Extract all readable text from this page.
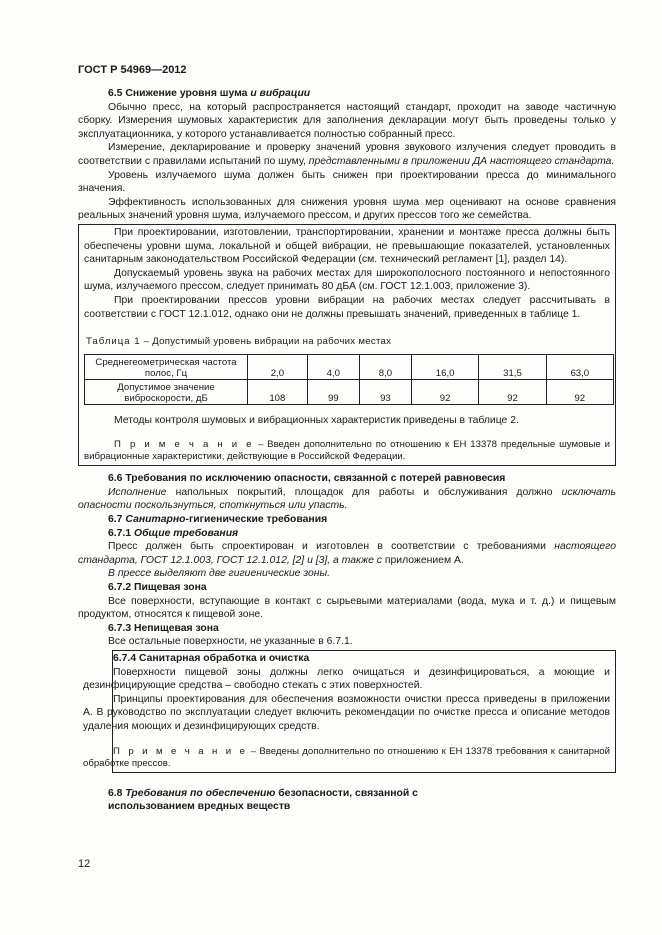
ГОСТ Р 54969—2012

6.5 Снижение уровня шума и вибрации

Обычно пресс, на который распространяется настоящий стандарт, проходит на заводе частичную сборку. Измерения шумовых характеристик для заполнения декларации могут быть проведены только у эксплуатационника, у которого устанавливается полностью собранный пресс.

Измерение, декларирование и проверку значений уровня звукового излучения следует проводить в соответствии с правилами испытаний по шуму, представленными в приложении ДА настоящего стандарта.

Уровень излучаемого шума должен быть снижен при проектировании пресса до минимального значения.

Эффективность использованных для снижения уровня шума мер оценивают на основе сравнения реальных значений уровня шума, излучаемого прессом, и других прессов того же семейства.

При проектировании, изготовлении, транспортировании, хранении и монтаже пресса должны быть обеспечены уровни шума, локальной и общей вибрации, не превышающие показателей, установленных санитарным законодательством Российской Федерации (см. технический регламент [1], раздел 14).

Допускаемый уровень звука на рабочих местах для широкополосного постоянного и непостоянного шума, излучаемого прессом, следует принимать 80 дБА (см. ГОСТ 12.1.003, приложение 3).

При проектировании прессов уровни вибрации на рабочих местах следует рассчитывать в соответствии с ГОСТ 12.1.012, однако они не должны превышать значений, приведенных в таблице 1.

Таблица 1 – Допустимый уровень вибрации на рабочих местах
Среднегеометрическая частота полос, Гц	2,0	4,0	8,0	16,0	31,5	63,0
Допустимое значение виброскорости, дБ	108	99	93	92	92	92

Методы контроля шумовых и вибрационных характеристик приведены в таблице 2.

П р и м е ч а н и е – Введен дополнительно по отношению к ЕН 13378 предельные шумовые и вибрационные характеристики, действующие в Российской Федерации.

6.6 Требования по исключению опасности, связанной с потерей равновесия

Исполнение напольных покрытий, площадок для работы и обслуживания должно исключать опасности поскользнуться, споткнуться или упасть.

6.7 Санитарно-гигиенические требования

6.7.1 Общие требования

Пресс должен быть спроектирован и изготовлен в соответствии с требованиями настоящего стандарта, ГОСТ 12.1.003, ГОСТ 12.1.012, [2] и [3], а также с приложением А.

В прессе выделяют две гигиенические зоны.

6.7.2 Пищевая зона

Все поверхности, вступающие в контакт с сырьевыми материалами (вода, мука и т. д.) и пищевым продуктом, относятся к пищевой зоне.

6.7.3 Непищевая зона

Все остальные поверхности, не указанные в 6.7.1.

6.7.4 Санитарная обработка и очистка

Поверхности пищевой зоны должны легко очищаться и дезинфицироваться, а моющие и дезинфицирующие средства – свободно стекать с этих поверхностей.

Принципы проектирования для обеспечения возможности очистки пресса приведены в приложении А. В руководство по эксплуатации следует включить рекомендации по очистке пресса и описание методов удаления моющих и дезинфицирующих средств.

П р и м е ч а н и е – Введены дополнительно по отношению к ЕН 13378 требования к санитарной обработке прессов.

6.8 Требования по обеспечению безопасности, связанной с

использованием вредных веществ

12
